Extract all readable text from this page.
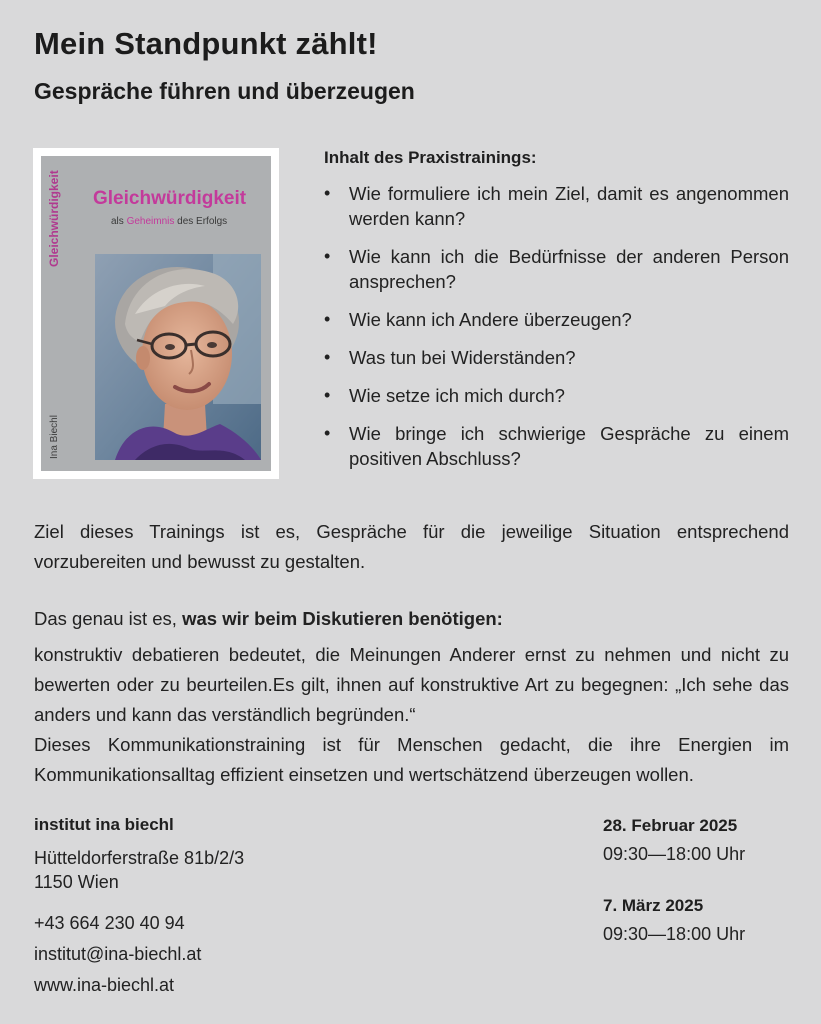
Mein Standpunkt zählt!
Gespräche führen und überzeugen
Gleichwürdigkeit Gleichwürdigkeit
als Geheimnis des Erfolgs
Ina Biechl
Inhalt des Praxistrainings:
• Wie formuliere ich mein Ziel, damit es angenommen werden kann?
• Wie kann ich die Bedürfnisse der anderen Person ansprechen?
• Wie kann ich Andere überzeugen?
• Was tun bei Widerständen?
• Wie setze ich mich durch?
• Wie bringe ich schwierige Gespräche zu einem positiven Abschluss?

Ziel dieses Trainings ist es, Gespräche für die jeweilige Situation entsprechend vorzubereiten und bewusst zu gestalten.

Das genau ist es, was wir beim Diskutieren benötigen:

konstruktiv debatieren bedeutet, die Meinungen Anderer ernst zu nehmen und nicht zu bewerten oder zu beurteilen.Es gilt, ihnen auf konstruktive Art zu begegnen: „Ich sehe das anders und kann das verständlich begründen.“
Dieses Kommunikationstraining ist für Menschen gedacht, die ihre Energien im Kommunikationsalltag effizient einsetzen und wertschätzend überzeugen wollen.
institut ina biechl
Hütteldorferstraße 81b/2/3
1150 Wien
+43 664 230 40 94
institut@ina-biechl.at
www.ina-biechl.at
28. Februar 2025
09:30—18:00 Uhr
7. März 2025
09:30—18:00 Uhr
